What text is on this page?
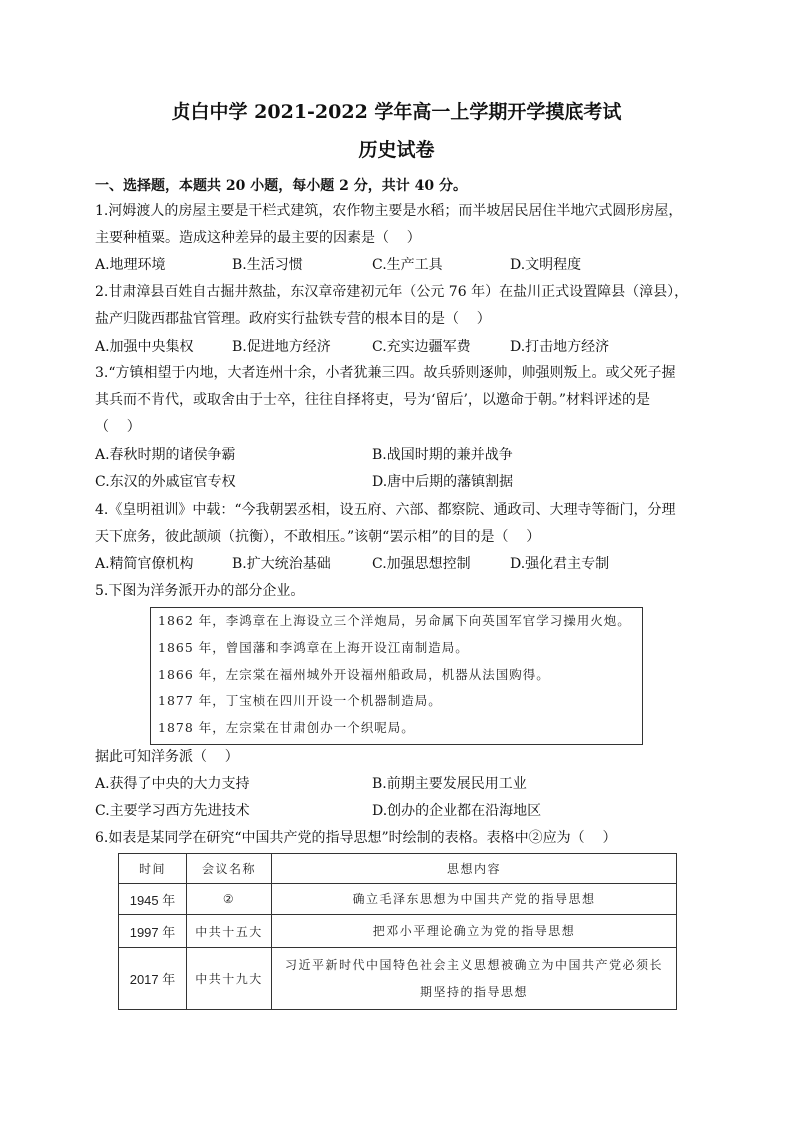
贞白中学 2021-2022 学年高一上学期开学摸底考试
历史试卷
一、选择题，本题共 20 小题，每小题 2 分，共计 40 分。
1.河姆渡人的房屋主要是干栏式建筑，农作物主要是水稻；而半坡居民居住半地穴式圆形房屋，
主要种植粟。造成这种差异的最主要的因素是（    ）
A.地理环境	B.生活习惯	C.生产工具	D.文明程度
2.甘肃漳县百姓自古掘井熬盐，东汉章帝建初元年（公元 76 年）在盐川正式设置障县（漳县），
盐产归陇西郡盐官管理。政府实行盐铁专营的根本目的是（    ）
A.加强中央集权	B.促进地方经济	C.充实边疆军费	D.打击地方经济
3.“方镇相望于内地，大者连州十余，小者犹兼三四。故兵骄则逐帅，帅强则叛上。或父死子握
其兵而不肯代，或取舍由于士卒，往往自择将吏，号为‘留后’，以邀命于朝。”材料评述的是
（    ）
A.春秋时期的诸侯争霸	B.战国时期的兼并战争
C.东汉的外戚宦官专权	D.唐中后期的藩镇割据
4.《皇明祖训》中载：“今我朝罢丞相，设五府、六部、都察院、通政司、大理寺等衙门，分理
天下庶务，彼此颉颃（抗衡），不敢相压。”该朝“罢示相”的目的是（    ）
A.精简官僚机构	B.扩大统治基础	C.加强思想控制	D.强化君主专制
5.下图为洋务派开办的部分企业。
1862 年，李鸿章在上海设立三个洋炮局，另命属下向英国军官学习操用火炮。
1865 年，曾国藩和李鸿章在上海开设江南制造局。
1866 年，左宗棠在福州城外开设福州船政局，机器从法国购得。
1877 年，丁宝桢在四川开设一个机器制造局。
1878 年，左宗棠在甘肃创办一个织呢局。
据此可知洋务派（    ）
A.获得了中央的大力支持	B.前期主要发展民用工业
C.主要学习西方先进技术	D.创办的企业都在沿海地区
6.如表是某同学在研究“中国共产党的指导思想”时绘制的表格。表格中②应为（    ）
时间	会议名称	思想内容
1945 年	②	确立毛泽东思想为中国共产党的指导思想

1997 年	中共十五大	把邓小平理论确立为党的指导思想

2017 年	中共十九大	习近平新时代中国特色社会主义思想被确立为中国共产党必须长
期坚持的指导思想
